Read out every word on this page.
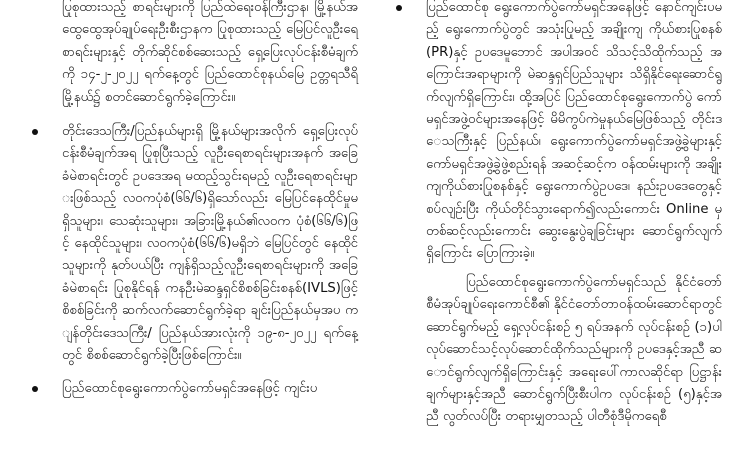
ပြုစုထားသည့် စာရင်းများကို ပြည်ထဲရေးဝန်ကြီးဌာန၊ မြို့နယ်အထွေထွေအုပ်ချုပ်ရေးဦးစီးဌာနက ပြုစုထားသည့် မြေပြင်လူဦးရေစာရင်းများနှင့် တိုက်ဆိုင်စစ်ဆေးသည့် ရှေ့ပြေးလုပ်ငန်းစီမံချက်ကို ၁၄-၂-၂၀၂၂ ရက်နေ့တွင် ပြည်ထောင်စုနယ်မြေ ဥတ္တရသီရိမြို့နယ်၌ စတင်ဆောင်ရွက်ခဲ့ကြောင်း။

တိုင်းဒေသကြီး/ပြည်နယ်များရှိ မြို့နယ်များအလိုက် ရှေ့ပြေးလုပ်ငန်းစီမံချက်အရ ပြုစုပြီးသည့် လူဦးရေစာရင်းများအနက် အခြေခံမဲစာရင်းတွင် ဥပဒေအရ မထည့်သွင်းရမည့် လူဦးရေစာရင်းများဖြစ်သည့် လဝကပုံစံ(၆၆/၆)ရှိသော်လည်း မြေပြင်နေထိုင်မှုမရှိသူများ၊ သေဆုံးသူများ၊ အခြားမြို့နယ်၏လဝက ပုံစံ(၆၆/၆)ဖြင့် နေထိုင်သူများ၊ လဝကပုံစံ(၆၆/၆)မရှိဘဲ မြေပြင်တွင် နေထိုင်သူများကို နုတ်ပယ်ပြီး ကျန်ရှိသည့်လူဦးရေစာရင်းများကို အခြေခံမဲစာရင်း ပြုစုနိုင်ရန် ကနဦးမဲဆန္ဒရှင်စိစစ်ခြင်းစနစ်(IVLS)ဖြင့် စိစစ်ခြင်းကို ဆက်လက်ဆောင်ရွက်ခဲ့ရာ ချင်းပြည်နယ်မှအပ ကျန်တိုင်းဒေသကြီး/ ပြည်နယ်အားလုံးကို ၁၉-၈-၂၀၂၂ ရက်နေ့တွင် စိစစ်ဆောင်ရွက်ခဲ့ပြီးဖြစ်ကြောင်း။

ပြည်ထောင်စုရွေးကောက်ပွဲကော်မရှင်အနေဖြင့် ကျင်းပ

ပြည်ထောင်စု ရွေးကောက်ပွဲကော်မရှင်အနေဖြင့် နောင်ကျင်းပမည့် ရွေးကောက်ပွဲတွင် အသုံးပြုမည့် အချိုးကျ ကိုယ်စားပြုစနစ်(PR)နှင့် ဥပဒေမူဘောင် အပါအဝင် သိသင့်သိထိုက်သည့် အကြောင်းအရာများကို မဲဆန္ဒရှင်ပြည်သူများ သိရှိနိုင်ရေးဆောင်ရွက်လျက်ရှိကြောင်း၊ ထို့အပြင် ပြည်ထောင်စုရွေးကောက်ပွဲ ကော်မရှင်အဖွဲ့ဝင်များအနေဖြင့် မိမိကွပ်ကဲမှုနယ်မြေဖြစ်သည့် တိုင်းဒေသကြီးနှင့် ပြည်နယ်၊ ရွေးကောက်ပွဲကော်မရှင်အဖွဲ့ခွဲများနှင့် ကော်မရှင်အဖွဲ့ခွဲဖွဲ့စည်းရန် အဆင့်ဆင့်က ဝန်ထမ်းများကို အချိုးကျကိုယ်စားပြုစနစ်နှင့် ရွေးကောက်ပွဲဥပဒေ၊ နည်းဥပဒေတွေနှင့် စပ်လျဉ်းပြီး ကိုယ်တိုင်သွားရောက်၍လည်းကောင်း Online မှတစ်ဆင့်လည်းကောင်း ဆွေးနွေးပွဲချခြင်းများ ဆောင်ရွက်လျက်ရှိကြောင်း ပြောကြားခဲ့။

ပြည်ထောင်စုရွေးကောက်ပွဲကော်မရှင်သည် နိုင်ငံတော်စီမံအုပ်ချုပ်ရေးကောင်စီ၏ နိုင်ငံတော်တာဝန်ထမ်းဆောင်ရာတွင် ဆောင်ရွက်မည့် ရှေ့လုပ်ငန်းစဉ် ၅ ရပ်အနက် လုပ်ငန်းစဉ် (၁)ပါ လုပ်ဆောင်သင့်လုပ်ဆောင်ထိုက်သည်များကို ဥပဒေနှင့်အညီ ဆောင်ရွက်လျက်ရှိကြောင်းနှင့် အရေးပေါ်ကာလဆိုင်ရာ ပြဋ္ဌာန်းချက်များနှင့်အညီ ဆောင်ရွက်ပြီးစီးပါက လုပ်ငန်းစဉ် (၅)နှင့်အညီ လွတ်လပ်ပြီး တရားမျှတသည့် ပါတီစုံဒီမိုကရေစီ
